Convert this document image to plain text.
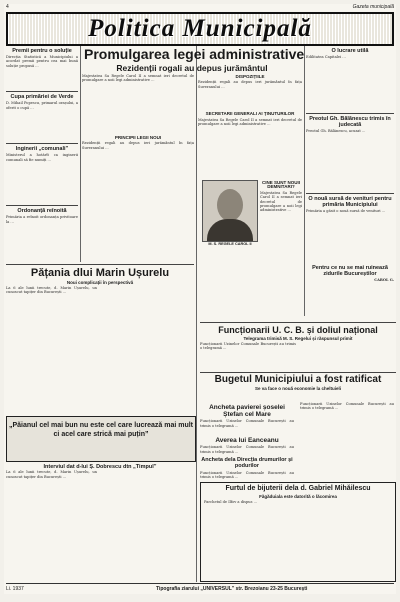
4	Gazeta municipală
Politica Municipală
Premii pentru o soluție
Direcția Statistică a Municipiului a acordat premii pentru cea mai bună soluție propusă ...
Cupa primăriei de Verde
D. Mihail Popescu, primarul orașului, a oferit o cupă ...
Inginerii „comunali”
Ministerul a hotărît ca inginerii comunali să fie numiți ...
Ordonanță reînoită
Primăria a reînoit ordonanța privitoare la ...
Promulgarea legei administrative
Rezidenții rogali au depus jurământul
Majestatea Sa Regele Carol II a semnat ieri decretul de promulgare a noii legi administrative ...
PRINCIPII LEGII NOUI
Rezidenții regali au depus ieri jurământul în fața Suveranului ...
DISPOZIȚIILE
Rezidenții regali au depus ieri jurământul în fața Suveranului ...
SECRETARII GENERALI AI ȚINUTURILOR
Majestatea Sa Regele Carol II a semnat ieri decretul de promulgare a noii legi administrative ...
M. S. REGELE CAROL II
CINE SUNT NOUII DEMNITARI?
Majestatea Sa Regele Carol II a semnat ieri decretul de promulgare a noii legi administrative ...
O lucrare utilă
Edilitatea Capitalei ...
Preotul Gh. Bălănescu trimis în judecată
Preotul Gh. Bălănescu, acuzat ...
O nouă sursă de venituri pentru primăria Municipiului
Primăria a găsit o nouă sursă de venituri ...
Pentru ce nu se mai ruinează zidurile Bucureștilor
CAROL G.
Pățania dlui Marin Ușurelu
Noui complicații în perspectivă
La 6 ale lunii trecute, d. Marin Ușurelu, un cunoscut tapițer din București ...
„Păianul cel mai bun nu este cel care lucrează mai mult ci acel care strică mai puțin”
Interviul dat d-lui Ș. Dobrescu dtn „Timpul”
La 6 ale lunii trecute, d. Marin Ușurelu, un cunoscut tapițer din București ...
Funcționarii U. C. B. și doliul național
Telegrama trimisă M. S. Regelui și răspunsul primit
Funcționarii Uzinelor Comunale București au trimis o telegramă ...
Bugetul Municipiului a fost ratificat
Se va face o nouă economie la cheltuieli
Ancheta pavierei șoselei Ștefan cel Mare
Funcționarii Uzinelor Comunale București au trimis o telegramă ...
Averea lui Eanceanu
Funcționarii Uzinelor Comunale București au trimis o telegramă ...
Ancheta dela Direcția drumurilor și podurilor
Funcționarii Uzinelor Comunale București au trimis o telegramă ...
Funcționarii Uzinelor Comunale București au trimis o telegramă ...
Furtul de bijuterii dela d. Gabriel Mihăilescu
Făgăduiala este datorită o lăcomirea
Parchetul de Ilfov a dispus ...
Li. 1937	Tipografia ziarului „UNIVERSUL” str. Brezoianu 23-25 București
